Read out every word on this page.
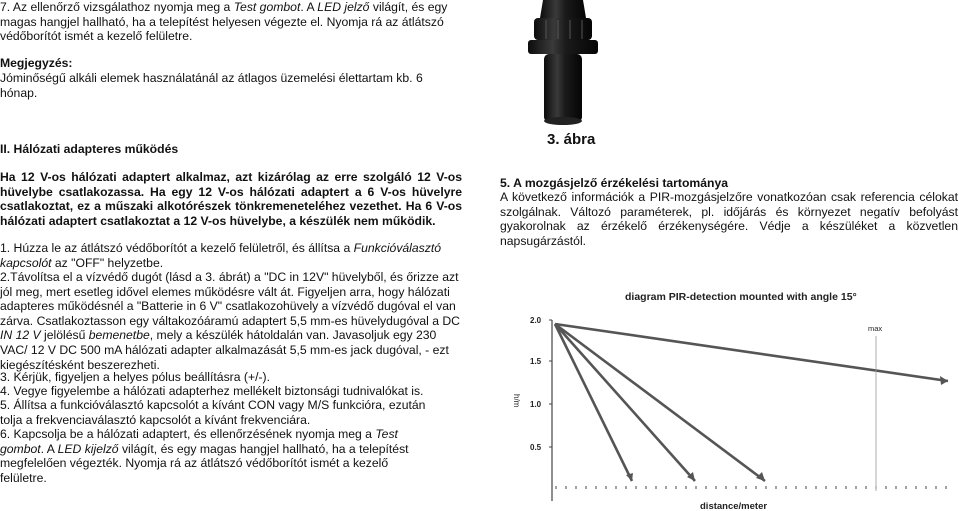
7. Az ellenőrző vizsgálathoz nyomja meg a Test gombot. A LED jelző világít, és egy magas hangjel hallható, ha a telepítést helyesen végezte el. Nyomja rá az átlátszó védőborítót ismét a kezelő felületre.

Megjegyzés:

Jóminőségű alkáli elemek használatánál az átlagos üzemelési élettartam kb. 6 hónap.

II. Hálózati adapteres működés

Ha 12 V-os hálózati adaptert alkalmaz, azt kizárólag az erre szolgáló 12 V-os hüvelybe csatlakozassa. Ha egy 12 V-os hálózati adaptert a 6 V-os hüvelyre csatlakoztat, ez a műszaki alkotórészek tönkremeneteléhez vezethet. Ha 6 V-os hálózati adaptert csatlakoztat a 12 V-os hüvelybe, a készülék nem működik.

1. Húzza le az átlátszó védőborítót a kezelő felületről, és állítsa a Funkcióválasztó kapcsolót az "OFF" helyzetbe.

2.Távolítsa el a vízvédő dugót (lásd a 3. ábrát) a "DC in 12V" hüvelyből, és őrizze azt jól meg, mert esetleg idővel elemes működésre vált át. Figyeljen arra, hogy hálózati adapteres működésnél a "Batterie in 6 V" csatlakozohüvely a vízvédő dugóval el van zárva. Csatlakoztasson egy váltakozóáramú adaptert 5,5 mm-es hüvelydugóval a DC IN 12 V jelölésű bemenetbe, mely a készülék hátoldalán van. Javasoljuk egy 230 VAC/ 12 V DC 500 mA hálózati adapter alkalmazását 5,5 mm-es jack dugóval, - ezt kiegészítésként beszerezheti.

3. Kérjük, figyeljen a helyes pólus beállításra (+/-).

4. Vegye figyelembe a hálózati adapterhez mellékelt biztonsági tudnivalókat is.

5. Állítsa a funkcióválasztó kapcsolót a kívánt CON vagy M/S funkcióra, ezután tolja a frekvenciaválasztó kapcsolót a kívánt frekvenciára.

6. Kapcsolja be a hálózati adaptert, és ellenőrzésének nyomja meg a Test gombot. A LED kijelző világít, és egy magas hangjel hallható, ha a telepítést megfelelően végezték. Nyomja rá az átlátszó védőborítót ismét a kezelő felületre.

3. ábra

5. A mozgásjelző érzékelési tartománya

A következő információk a PIR-mozgásjelzőre vonatkozóan csak referencia célokat szolgálnak. Változó paraméterek, pl. időjárás és környezet negatív befolyást gyakorolnak az érzékelő érzékenységére. Védje a készüléket a közvetlen napsugárzástól.

diagram PIR-detection mounted with angle 15°
2.0
1.5
1.0
0.5
h/m
max
distance/meter
